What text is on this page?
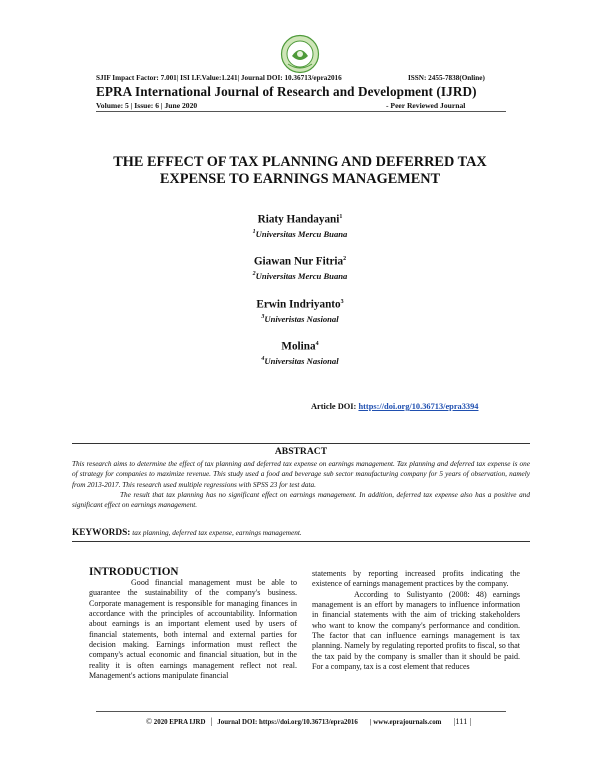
SJIF Impact Factor: 7.001| ISI I.F.Value:1.241| Journal DOI: 10.36713/epra2016	ISSN: 2455-7838(Online)
EPRA International Journal of Research and Development (IJRD)
Volume: 5 | Issue: 6 | June 2020	- Peer Reviewed Journal
THE EFFECT OF TAX PLANNING AND DEFERRED TAX
EXPENSE TO EARNINGS MANAGEMENT
Riaty Handayani$^1$
$^1$Universitas Mercu Buana
Giawan Nur Fitria$^2$
$^2$Universitas Mercu Buana
Erwin Indriyanto$^3$
$^3$Univeristas Nasional
Molina$^4$
$^4$Universitas Nasional
Article DOI: https://doi.org/10.36713/epra3394
ABSTRACT

This research aims to determine the effect of tax planning and deferred tax expense on earnings management. Tax planning and deferred tax expense is one of strategy for companies to maximize revenue. This study used a food and beverage sub sector manufacturing company for 5 years of observation, namely from 2013-2017. This research used multiple regressions with SPSS 23 for test data.

The result that tax planning has no significant effect on earnings management. In addition, deferred tax expense also has a positive and significant effect on earnings management.

KEYWORDS: tax planning, deferred tax expense, earnings management.
INTRODUCTION

Good financial management must be able to guarantee the sustainability of the company's business. Corporate management is responsible for managing finances in accordance with the principles of accountability. Information about earnings is an important element used by users of financial statements, both internal and external parties for decision making. Earnings information must reflect the company's actual economic and financial situation, but in the reality it is often earnings management reflect not real. Management's actions manipulate financial

statements by reporting increased profits indicating the existence of earnings management practices by the company.

According to Sulistyanto (2008: 48) earnings management is an effort by managers to influence information in financial statements with the aim of tricking stakeholders who want to know the company's performance and condition. The factor that can influence earnings management is tax planning. Namely by regulating reported profits to fiscal, so that the tax paid by the company is smaller than it should be paid. For a company, tax is a cost element that reduces

© 2020 EPRA IJRD | Journal DOI: https://doi.org/10.36713/epra2016 | www.eprajournals.com |111 |
